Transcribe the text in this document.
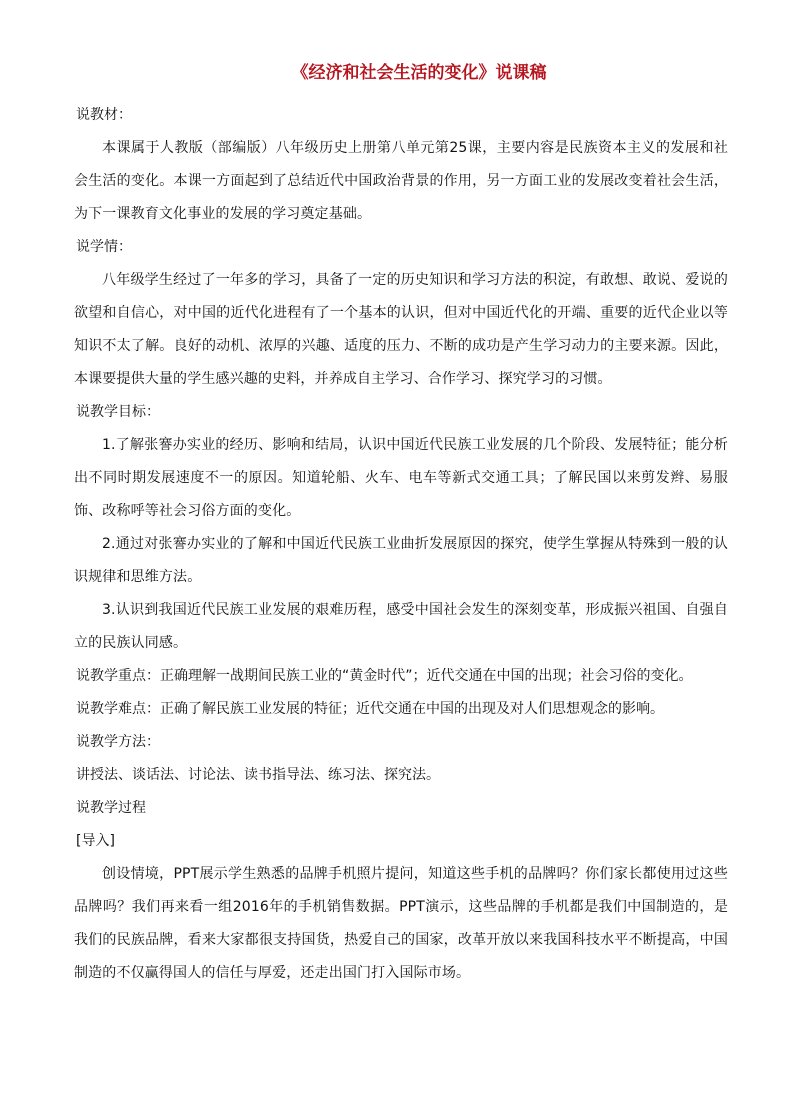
《经济和社会生活的变化》说课稿

说教材：

本课属于人教版（部编版）八年级历史上册第八单元第25课，主要内容是民族资本主义的发展和社会生活的变化。本课一方面起到了总结近代中国政治背景的作用，另一方面工业的发展改变着社会生活，为下一课教育文化事业的发展的学习奠定基础。

说学情：

八年级学生经过了一年多的学习，具备了一定的历史知识和学习方法的积淀，有敢想、敢说、爱说的欲望和自信心，对中国的近代化进程有了一个基本的认识，但对中国近代化的开端、重要的近代企业以等知识不太了解。良好的动机、浓厚的兴趣、适度的压力、不断的成功是产生学习动力的主要来源。因此，本课要提供大量的学生感兴趣的史料，并养成自主学习、合作学习、探究学习的习惯。

说教学目标：

1.了解张謇办实业的经历、影响和结局，认识中国近代民族工业发展的几个阶段、发展特征；能分析出不同时期发展速度不一的原因。知道轮船、火车、电车等新式交通工具；了解民国以来剪发辫、易服饰、改称呼等社会习俗方面的变化。

2.通过对张謇办实业的了解和中国近代民族工业曲折发展原因的探究，使学生掌握从特殊到一般的认识规律和思维方法。

3.认识到我国近代民族工业发展的艰难历程，感受中国社会发生的深刻变革，形成振兴祖国、自强自立的民族认同感。

说教学重点：正确理解一战期间民族工业的“黄金时代”；近代交通在中国的出现；社会习俗的变化。

说教学难点：正确了解民族工业发展的特征；近代交通在中国的出现及对人们思想观念的影响。

说教学方法：

讲授法、谈话法、讨论法、读书指导法、练习法、探究法。

说教学过程

[导入]

创设情境，PPT展示学生熟悉的品牌手机照片提问，知道这些手机的品牌吗？你们家长都使用过这些品牌吗？我们再来看一组2016年的手机销售数据。PPT演示，这些品牌的手机都是我们中国制造的，是我们的民族品牌，看来大家都很支持国货，热爱自己的国家，改革开放以来我国科技水平不断提高，中国制造的不仅赢得国人的信任与厚爱，还走出国门打入国际市场。
